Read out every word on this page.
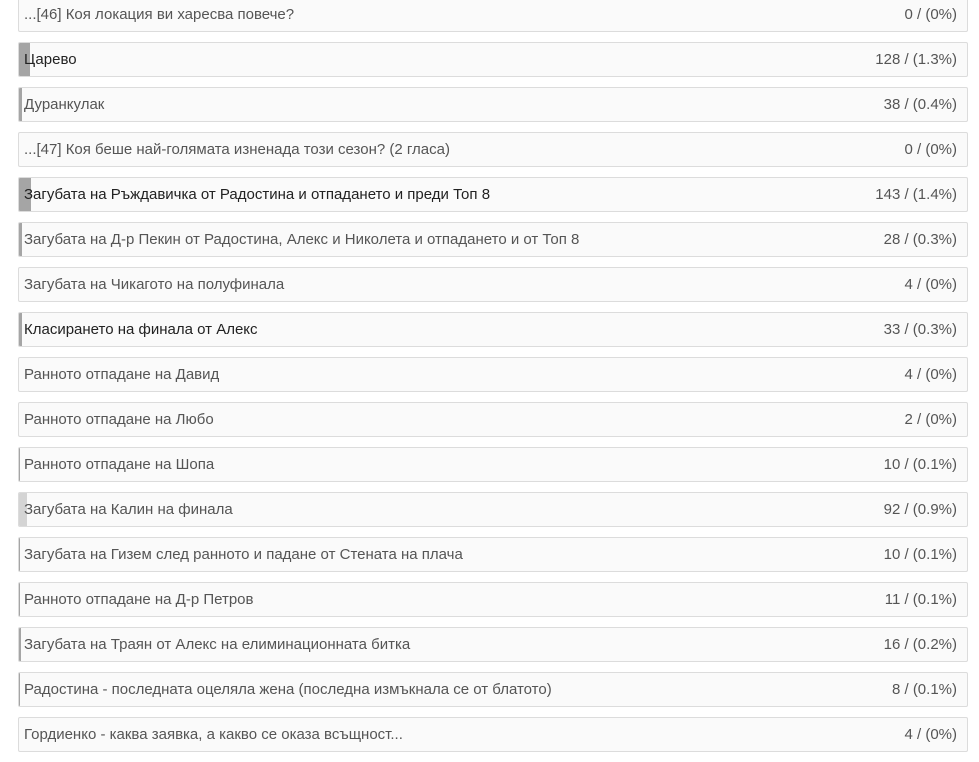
...[46] Коя локация ви харесва повече?	0 / (0%)
Царево	128 / (1.3%)
Дуранкулак	38 / (0.4%)
...[47] Коя беше най-голямата изненада този сезон? (2 гласа)	0 / (0%)
Загубата на Ръждавичка от Радостина и отпадането и преди Топ 8	143 / (1.4%)
Загубата на Д-р Пекин от Радостина, Алекс и Николета и отпадането и от Топ 8	28 / (0.3%)
Загубата на Чикагото на полуфинала	4 / (0%)
Класирането на финала от Алекс	33 / (0.3%)
Ранното отпадане на Давид	4 / (0%)
Ранното отпадане на Любо	2 / (0%)
Ранното отпадане на Шопа	10 / (0.1%)
Загубата на Калин на финала	92 / (0.9%)
Загубата на Гизем след ранното и падане от Стената на плача	10 / (0.1%)
Ранното отпадане на Д-р Петров	11 / (0.1%)
Загубата на Траян от Алекс на елиминационната битка	16 / (0.2%)
Радостина - последната оцеляла жена (последна измъкнала се от блатото)	8 / (0.1%)
Гордиенко - каква заявка, а какво се оказа всъщност...	4 / (0%)
